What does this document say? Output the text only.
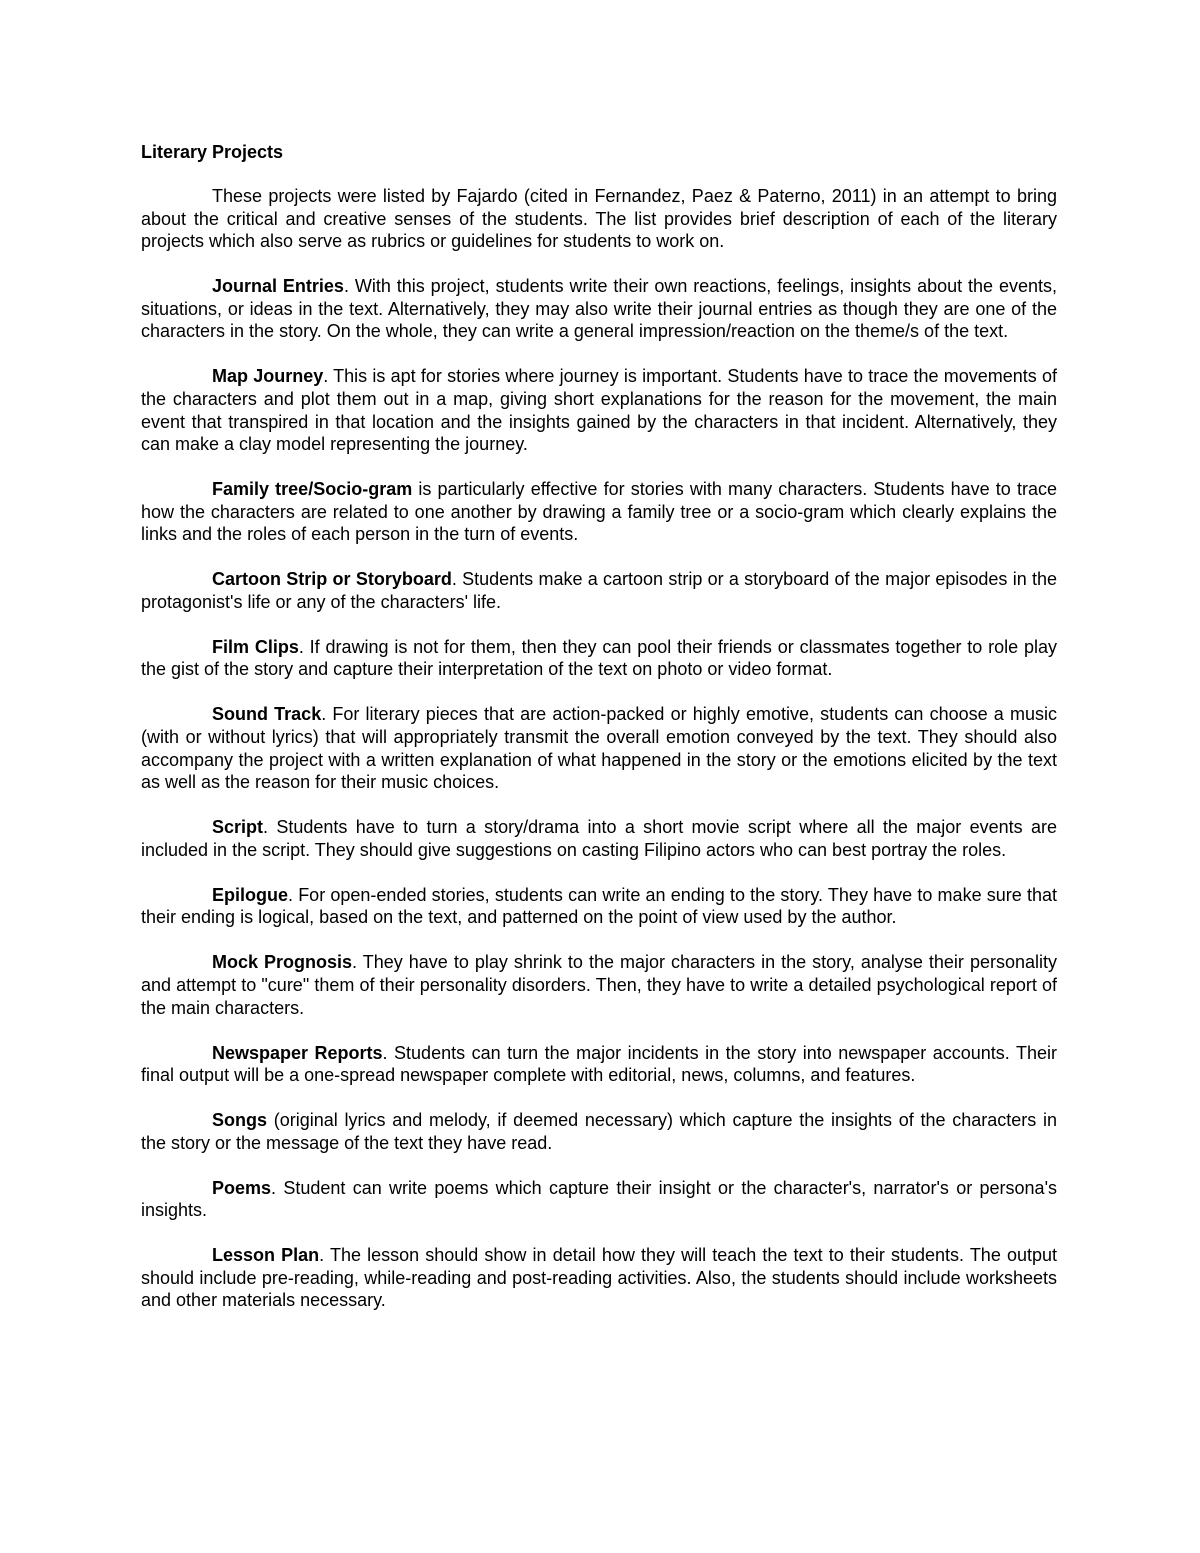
Literary Projects

These projects were listed by Fajardo (cited in Fernandez, Paez & Paterno, 2011) in an attempt to bring about the critical and creative senses of the students. The list provides brief description of each of the literary projects which also serve as rubrics or guidelines for students to work on.

Journal Entries. With this project, students write their own reactions, feelings, insights about the events, situations, or ideas in the text. Alternatively, they may also write their journal entries as though they are one of the characters in the story. On the whole, they can write a general impression/reaction on the theme/s of the text.

Map Journey. This is apt for stories where journey is important. Students have to trace the movements of the characters and plot them out in a map, giving short explanations for the reason for the movement, the main event that transpired in that location and the insights gained by the characters in that incident. Alternatively, they can make a clay model representing the journey.

Family tree/Socio-gram is particularly effective for stories with many characters. Students have to trace how the characters are related to one another by drawing a family tree or a socio-gram which clearly explains the links and the roles of each person in the turn of events.

Cartoon Strip or Storyboard. Students make a cartoon strip or a storyboard of the major episodes in the protagonist's life or any of the characters' life.

Film Clips. If drawing is not for them, then they can pool their friends or classmates together to role play the gist of the story and capture their interpretation of the text on photo or video format.

Sound Track. For literary pieces that are action-packed or highly emotive, students can choose a music (with or without lyrics) that will appropriately transmit the overall emotion conveyed by the text. They should also accompany the project with a written explanation of what happened in the story or the emotions elicited by the text as well as the reason for their music choices.

Script. Students have to turn a story/drama into a short movie script where all the major events are included in the script. They should give suggestions on casting Filipino actors who can best portray the roles.

Epilogue. For open-ended stories, students can write an ending to the story. They have to make sure that their ending is logical, based on the text, and patterned on the point of view used by the author.

Mock Prognosis. They have to play shrink to the major characters in the story, analyse their personality and attempt to "cure" them of their personality disorders. Then, they have to write a detailed psychological report of the main characters.

Newspaper Reports. Students can turn the major incidents in the story into newspaper accounts. Their final output will be a one-spread newspaper complete with editorial, news, columns, and features.

Songs (original lyrics and melody, if deemed necessary) which capture the insights of the characters in the story or the message of the text they have read.

Poems. Student can write poems which capture their insight or the character's, narrator's or persona's insights.

Lesson Plan. The lesson should show in detail how they will teach the text to their students. The output should include pre-reading, while-reading and post-reading activities. Also, the students should include worksheets and other materials necessary.
